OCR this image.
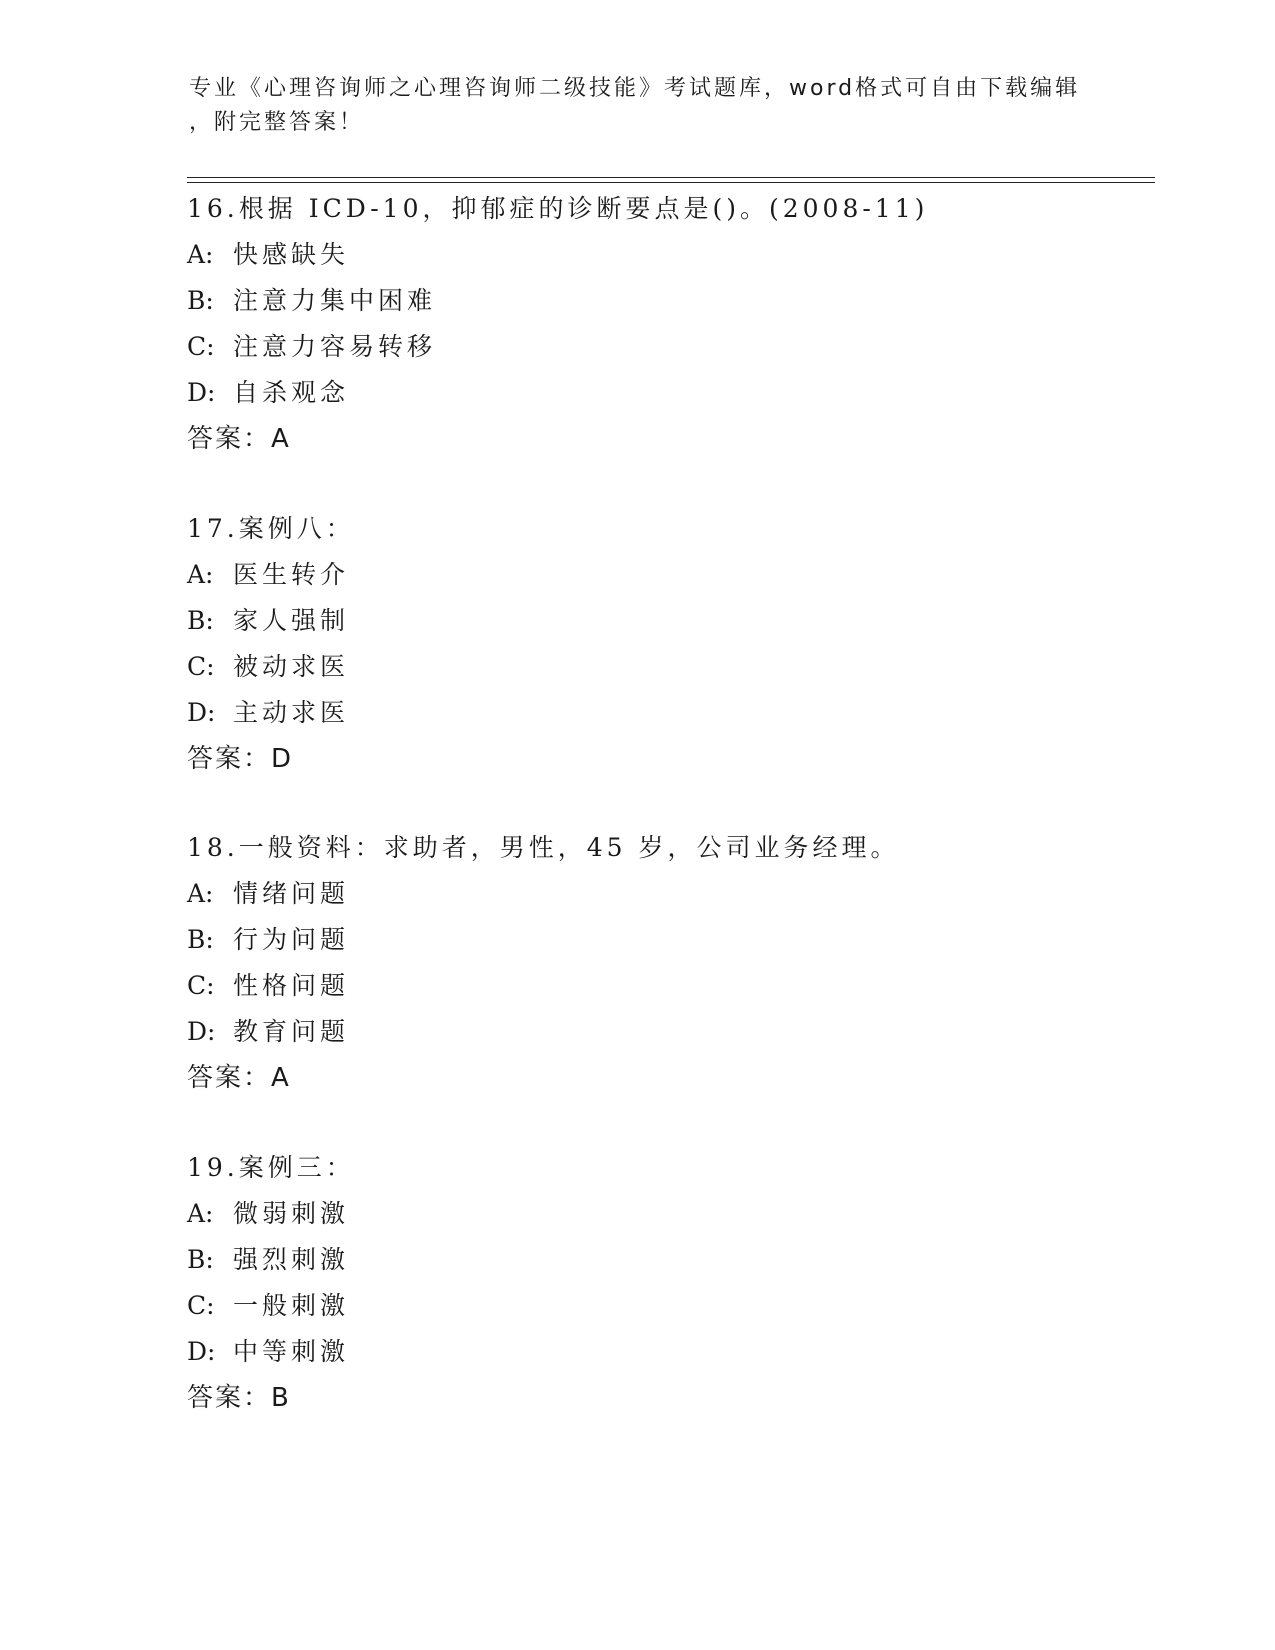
专业《心理咨询师之心理咨询师二级技能》考试题库，word格式可自由下载编辑
，附完整答案！
16.根据 ICD-10，抑郁症的诊断要点是()。(2008-11)
A: 快感缺失
B: 注意力集中困难
C: 注意力容易转移
D: 自杀观念
答案：A
17.案例八：
A: 医生转介
B: 家人强制
C: 被动求医
D: 主动求医
答案：D
18.一般资料：求助者，男性，45 岁，公司业务经理。
A: 情绪问题
B: 行为问题
C: 性格问题
D: 教育问题
答案：A
19.案例三：
A: 微弱刺激
B: 强烈刺激
C: 一般刺激
D: 中等刺激
答案：B
